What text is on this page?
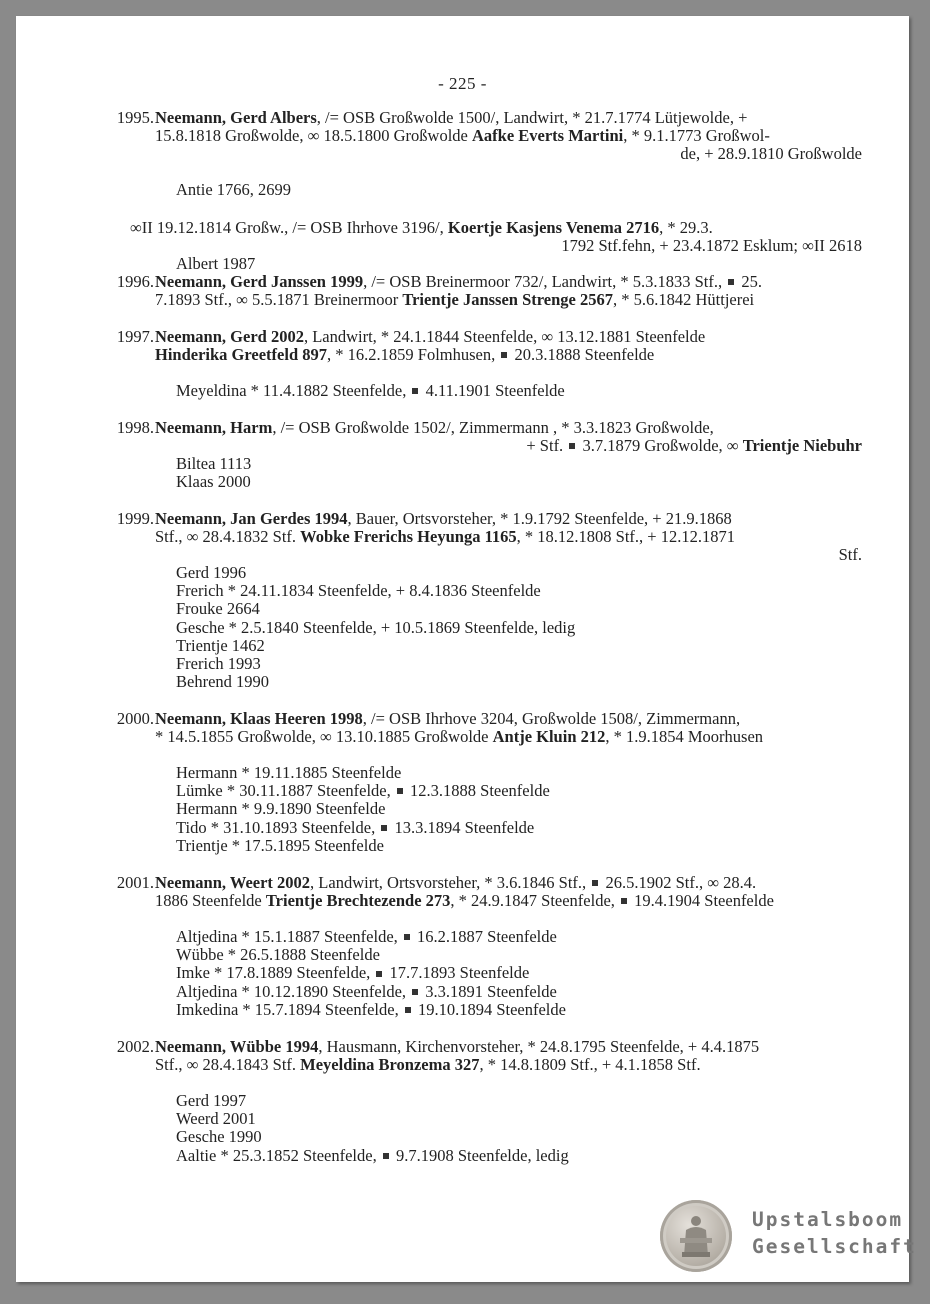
- 225 -
1995. Neemann, Gerd Albers, /= OSB Großwolde 1500/, Landwirt, * 21.7.1774 Lütjewolde, +
15.8.1818 Großwolde, ∞ 18.5.1800 Großwolde Aafke Everts Martini, * 9.1.1773 Großwol-
de, + 28.9.1810 Großwolde
Antie 1766, 2699
∞II 19.12.1814 Großw., /= OSB Ihrhove 3196/, Koertje Kasjens Venema 2716, * 29.3.
1792 Stf.fehn, + 23.4.1872 Esklum; ∞II 2618
Albert 1987
1996. Neemann, Gerd Janssen 1999, /= OSB Breinermoor 732/, Landwirt, * 5.3.1833 Stf.,  25.
7.1893 Stf., ∞ 5.5.1871 Breinermoor Trientje Janssen Strenge 2567, * 5.6.1842 Hüttjerei
1997. Neemann, Gerd 2002, Landwirt, * 24.1.1844 Steenfelde, ∞ 13.12.1881 Steenfelde
Hinderika Greetfeld 897, * 16.2.1859 Folmhusen,  20.3.1888 Steenfelde
Meyeldina * 11.4.1882 Steenfelde,  4.11.1901 Steenfelde
1998. Neemann, Harm, /= OSB Großwolde 1502/, Zimmermann , * 3.3.1823 Großwolde,
+ Stf.  3.7.1879 Großwolde, ∞ Trientje Niebuhr
Biltea 1113
Klaas 2000
1999. Neemann, Jan Gerdes 1994, Bauer, Ortsvorsteher, * 1.9.1792 Steenfelde, + 21.9.1868
Stf., ∞ 28.4.1832 Stf. Wobke Frerichs Heyunga 1165, * 18.12.1808 Stf., + 12.12.1871
Stf.
Gerd 1996
Frerich * 24.11.1834 Steenfelde, + 8.4.1836 Steenfelde
Frouke 2664
Gesche * 2.5.1840 Steenfelde, + 10.5.1869 Steenfelde, ledig
Trientje 1462
Frerich 1993
Behrend 1990
2000. Neemann, Klaas Heeren 1998, /= OSB Ihrhove 3204, Großwolde 1508/, Zimmermann,
* 14.5.1855 Großwolde, ∞ 13.10.1885 Großwolde Antje Kluin 212, * 1.9.1854 Moorhusen
Hermann * 19.11.1885 Steenfelde
Lümke * 30.11.1887 Steenfelde,  12.3.1888 Steenfelde
Hermann * 9.9.1890 Steenfelde
Tido * 31.10.1893 Steenfelde,  13.3.1894 Steenfelde
Trientje * 17.5.1895 Steenfelde
2001. Neemann, Weert 2002, Landwirt, Ortsvorsteher, * 3.6.1846 Stf.,  26.5.1902 Stf., ∞ 28.4.
1886 Steenfelde Trientje Brechtezende 273, * 24.9.1847 Steenfelde,  19.4.1904 Steenfelde
Altjedina * 15.1.1887 Steenfelde,  16.2.1887 Steenfelde
Wübbe * 26.5.1888 Steenfelde
Imke * 17.8.1889 Steenfelde,  17.7.1893 Steenfelde
Altjedina * 10.12.1890 Steenfelde,  3.3.1891 Steenfelde
Imkedina * 15.7.1894 Steenfelde,  19.10.1894 Steenfelde
2002. Neemann, Wübbe 1994, Hausmann, Kirchenvorsteher, * 24.8.1795 Steenfelde, + 4.4.1875
Stf., ∞ 28.4.1843 Stf. Meyeldina Bronzema 327, * 14.8.1809 Stf., + 4.1.1858 Stf.
Gerd 1997
Weerd 2001
Gesche 1990
Aaltie * 25.3.1852 Steenfelde,  9.7.1908 Steenfelde, ledig
Upstalsboom
Gesellschaft
